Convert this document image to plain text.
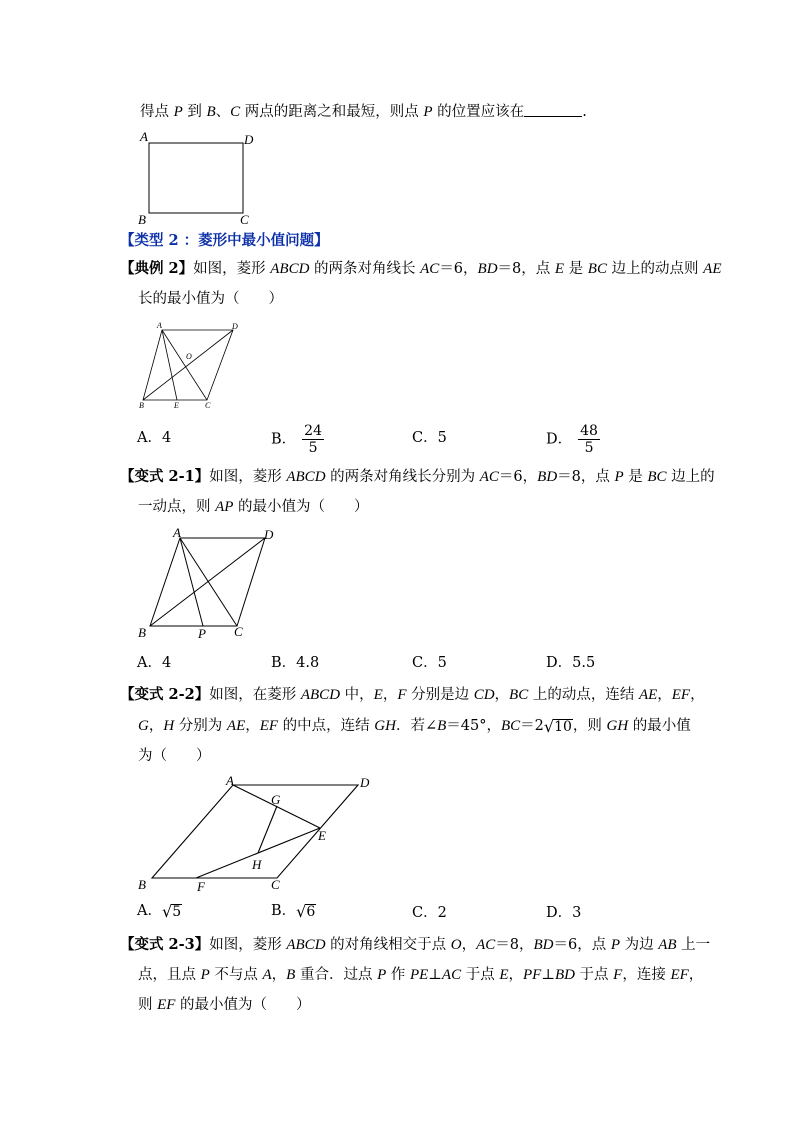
得点 P 到 B、C 两点的距离之和最短，则点 P 的位置应该在	.
A	D
B	C
【类型 2 ：菱形中最小值问题】
【典例 2】如图，菱形 ABCD 的两条对角线长 AC＝6，BD＝8，点 E 是 BC 边上的动点则 AE
长的最小值为（　　）
A	D
O
B	E	C
A．4	B． $\frac{24}{5}$	C．5	D． $\frac{48}{5}$
【变式 2-1】如图，菱形 ABCD 的两条对角线长分别为 AC＝6，BD＝8，点 P 是 BC 边上的
一动点，则 AP 的最小值为（　　）
A	D
B	P C
A．4	B．4.8	C．5	D．5.5
【变式 2-2】如图，在菱形 ABCD 中，E，F 分别是边 CD，BC 上的动点，连结 AE，EF，
G，H 分别为 AE，EF 的中点，连结 GH．若∠B＝45°，BC＝2 √ 10 ，则 GH 的最小值
为（　　）
A	D
G
E
H
B	F	C
A． √ 5	B． √ 6	C．2	D．3
【变式 2-3】如图，菱形 ABCD 的对角线相交于点 O，AC＝8，BD＝6，点 P 为边 AB 上一
点，且点 P 不与点 A，B 重合．过点 P 作 PE⊥AC 于点 E，PF⊥BD 于点 F，连接 EF，
则 EF 的最小值为（　　）
